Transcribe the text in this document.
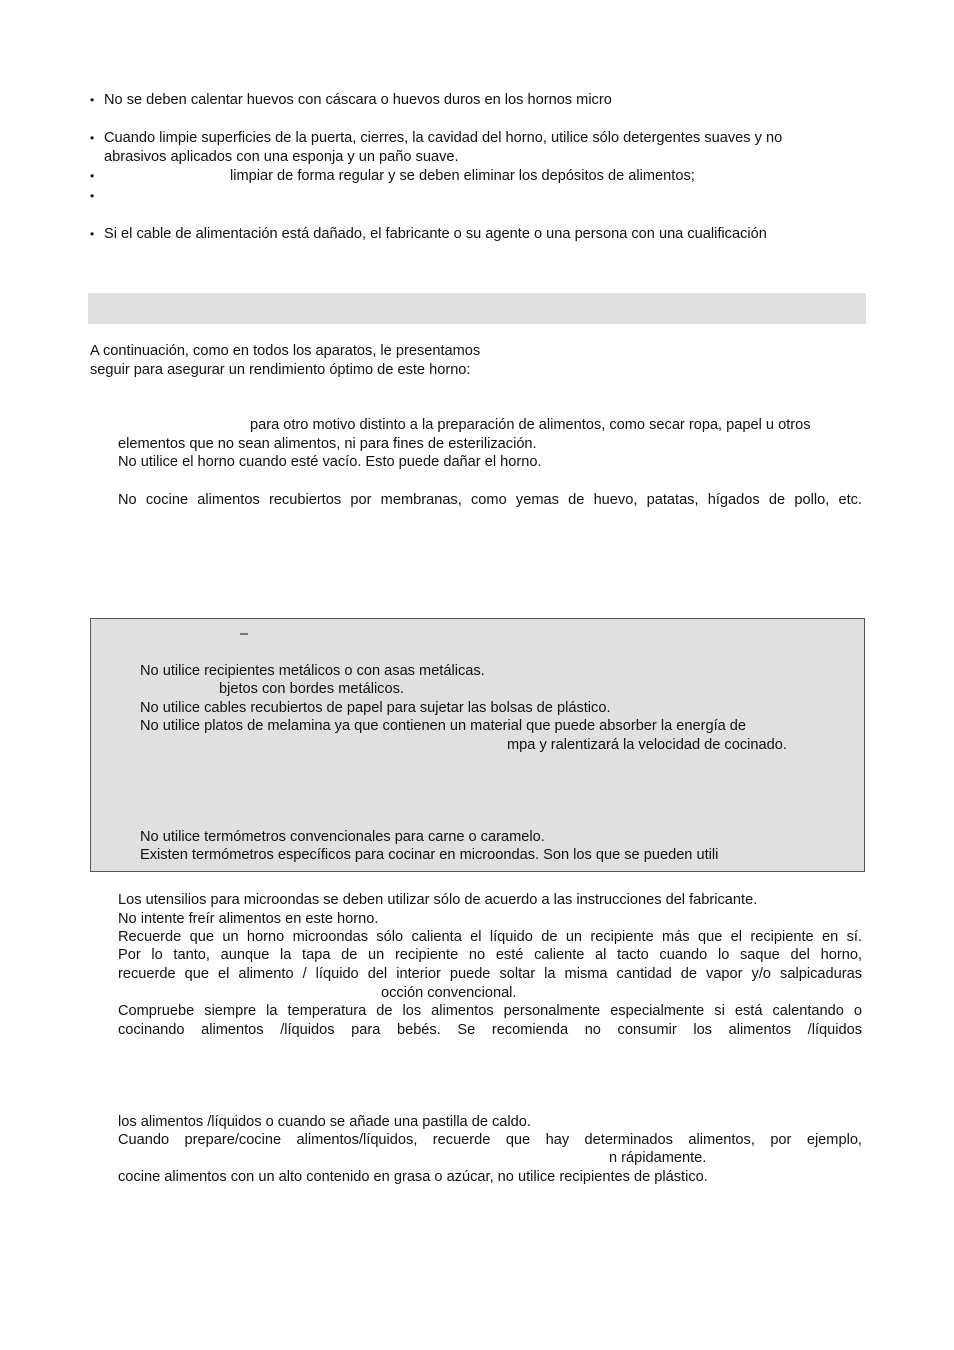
• No se deben calentar huevos con cáscara o huevos duros en los hornos micro
• Cuando limpie superficies de la puerta, cierres, la cavidad del horno, utilice sólo detergentes suaves y no
abrasivos aplicados con una esponja y un paño suave.
•	limpiar de forma regular y se deben eliminar los depósitos de alimentos;
•
• Si el cable de alimentación está dañado, el fabricante o su agente o una persona con una cualificación
A continuación, como en todos los aparatos, le presentamos
seguir para asegurar un rendimiento óptimo de este horno:
para otro motivo distinto a la preparación de alimentos, como secar ropa, papel u otros
elementos que no sean alimentos, ni para fines de esterilización.
No utilice el horno cuando esté vacío. Esto puede dañar el horno.
No cocine alimentos recubiertos por membranas, como yemas de huevo, patatas, hígados de pollo, etc.
–
No utilice recipientes metálicos o con asas metálicas.
bjetos con bordes metálicos.
No utilice cables recubiertos de papel para sujetar las bolsas de plástico.
No utilice platos de melamina ya que contienen un material que puede absorber la energía de
mpa y ralentizará la velocidad de cocinado.
No utilice termómetros convencionales para carne o caramelo.
Existen termómetros específicos para cocinar en microondas. Son los que se pueden utili
Los utensilios para microondas se deben utilizar sólo de acuerdo a las instrucciones del fabricante.
No intente freír alimentos en este horno.
Recuerde que un horno microondas sólo calienta el líquido de un recipiente más que el recipiente en sí.
Por lo tanto, aunque la tapa de un recipiente no esté caliente al tacto cuando lo saque del horno,
recuerde que el alimento / líquido del interior puede soltar la misma cantidad de vapor y/o salpicaduras
occión convencional.
Compruebe siempre la temperatura de los alimentos personalmente especialmente si está calentando o
cocinando alimentos /líquidos para bebés. Se recomienda no consumir los alimentos /líquidos
los alimentos /líquidos o cuando se añade una pastilla de caldo.
Cuando prepare/cocine alimentos/líquidos, recuerde que hay determinados alimentos, por ejemplo,
n rápidamente.
cocine alimentos con un alto contenido en grasa o azúcar, no utilice recipientes de plástico.
